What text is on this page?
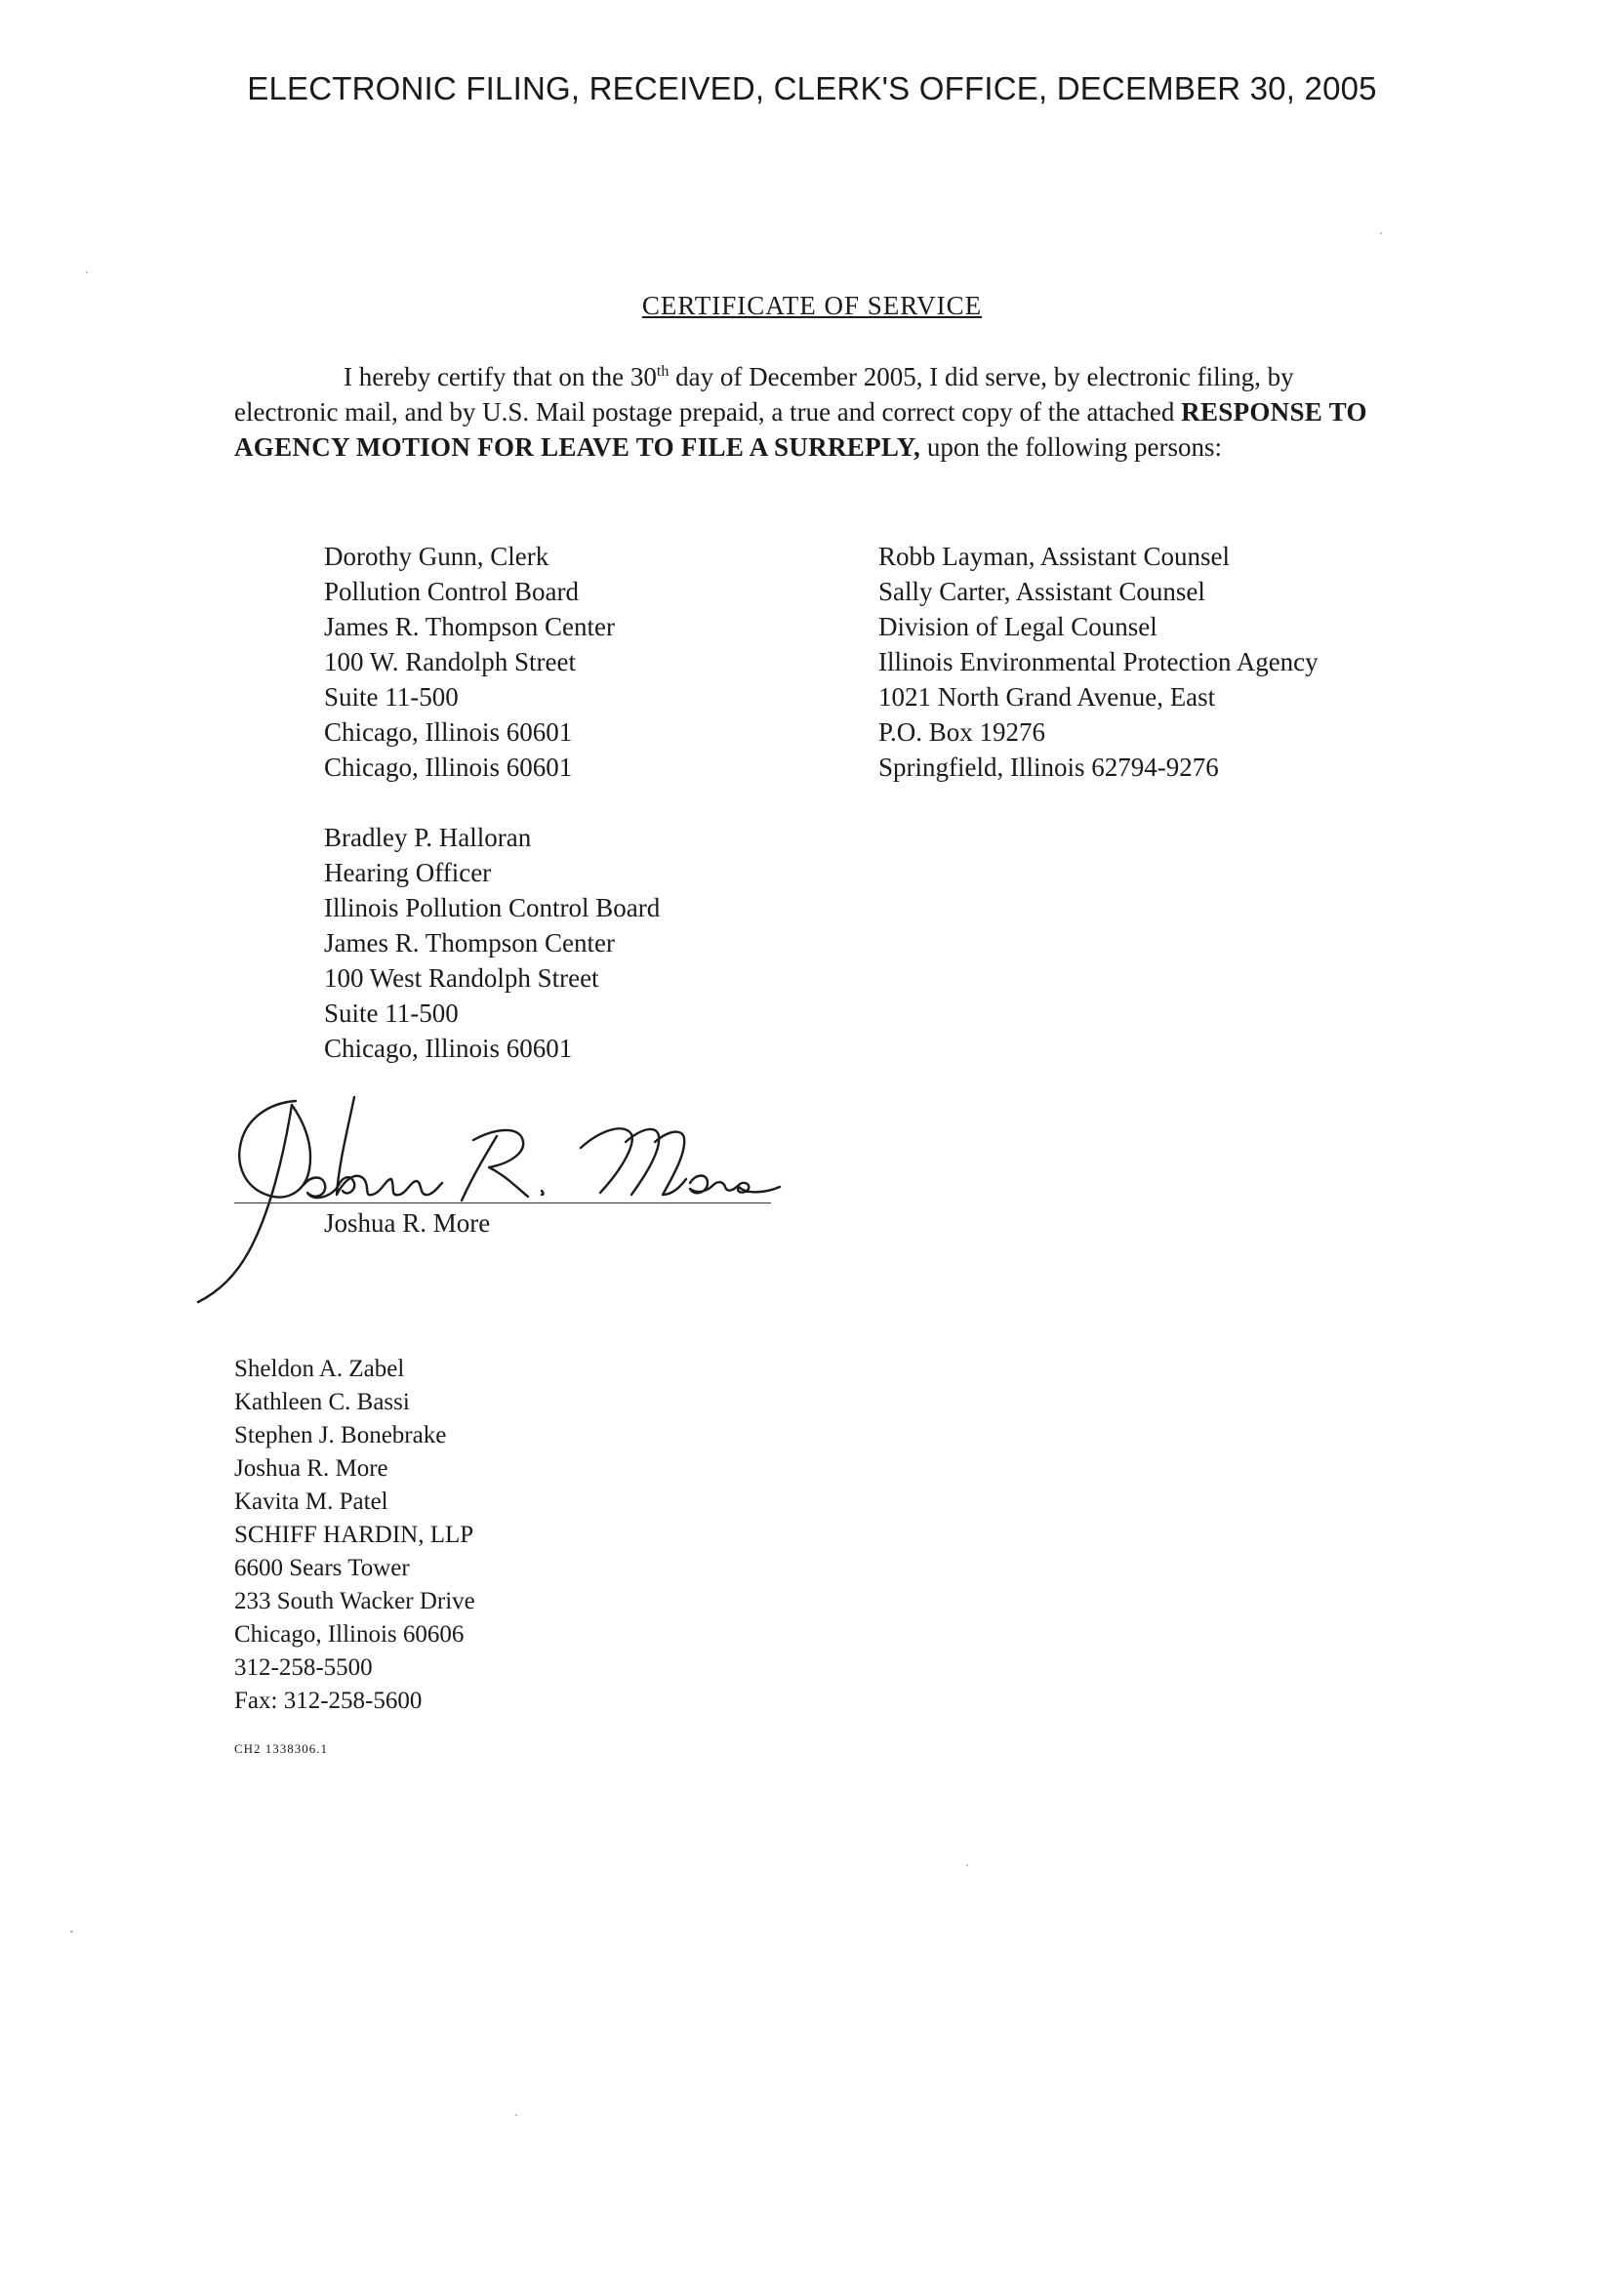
ELECTRONIC FILING, RECEIVED, CLERK'S OFFICE, DECEMBER 30, 2005
CERTIFICATE OF SERVICE
I hereby certify that on the 30th day of December 2005, I did serve, by electronic filing, by electronic mail, and by U.S. Mail postage prepaid, a true and correct copy of the attached RESPONSE TO AGENCY MOTION FOR LEAVE TO FILE A SURREPLY, upon the following persons:
Dorothy Gunn, Clerk
Pollution Control Board
James R. Thompson Center
100 W. Randolph Street
Suite 11-500
Chicago, Illinois 60601
Chicago, Illinois 60601
Robb Layman, Assistant Counsel
Sally Carter, Assistant Counsel
Division of Legal Counsel
Illinois Environmental Protection Agency
1021 North Grand Avenue, East
P.O. Box 19276
Springfield, Illinois 62794-9276
Bradley P. Halloran
Hearing Officer
Illinois Pollution Control Board
James R. Thompson Center
100 West Randolph Street
Suite 11-500
Chicago, Illinois 60601
Joshua R. More
Sheldon A. Zabel
Kathleen C. Bassi
Stephen J. Bonebrake
Joshua R. More
Kavita M. Patel
SCHIFF HARDIN, LLP
6600 Sears Tower
233 South Wacker Drive
Chicago, Illinois 60606
312-258-5500
Fax: 312-258-5600
CH2 1338306.1
